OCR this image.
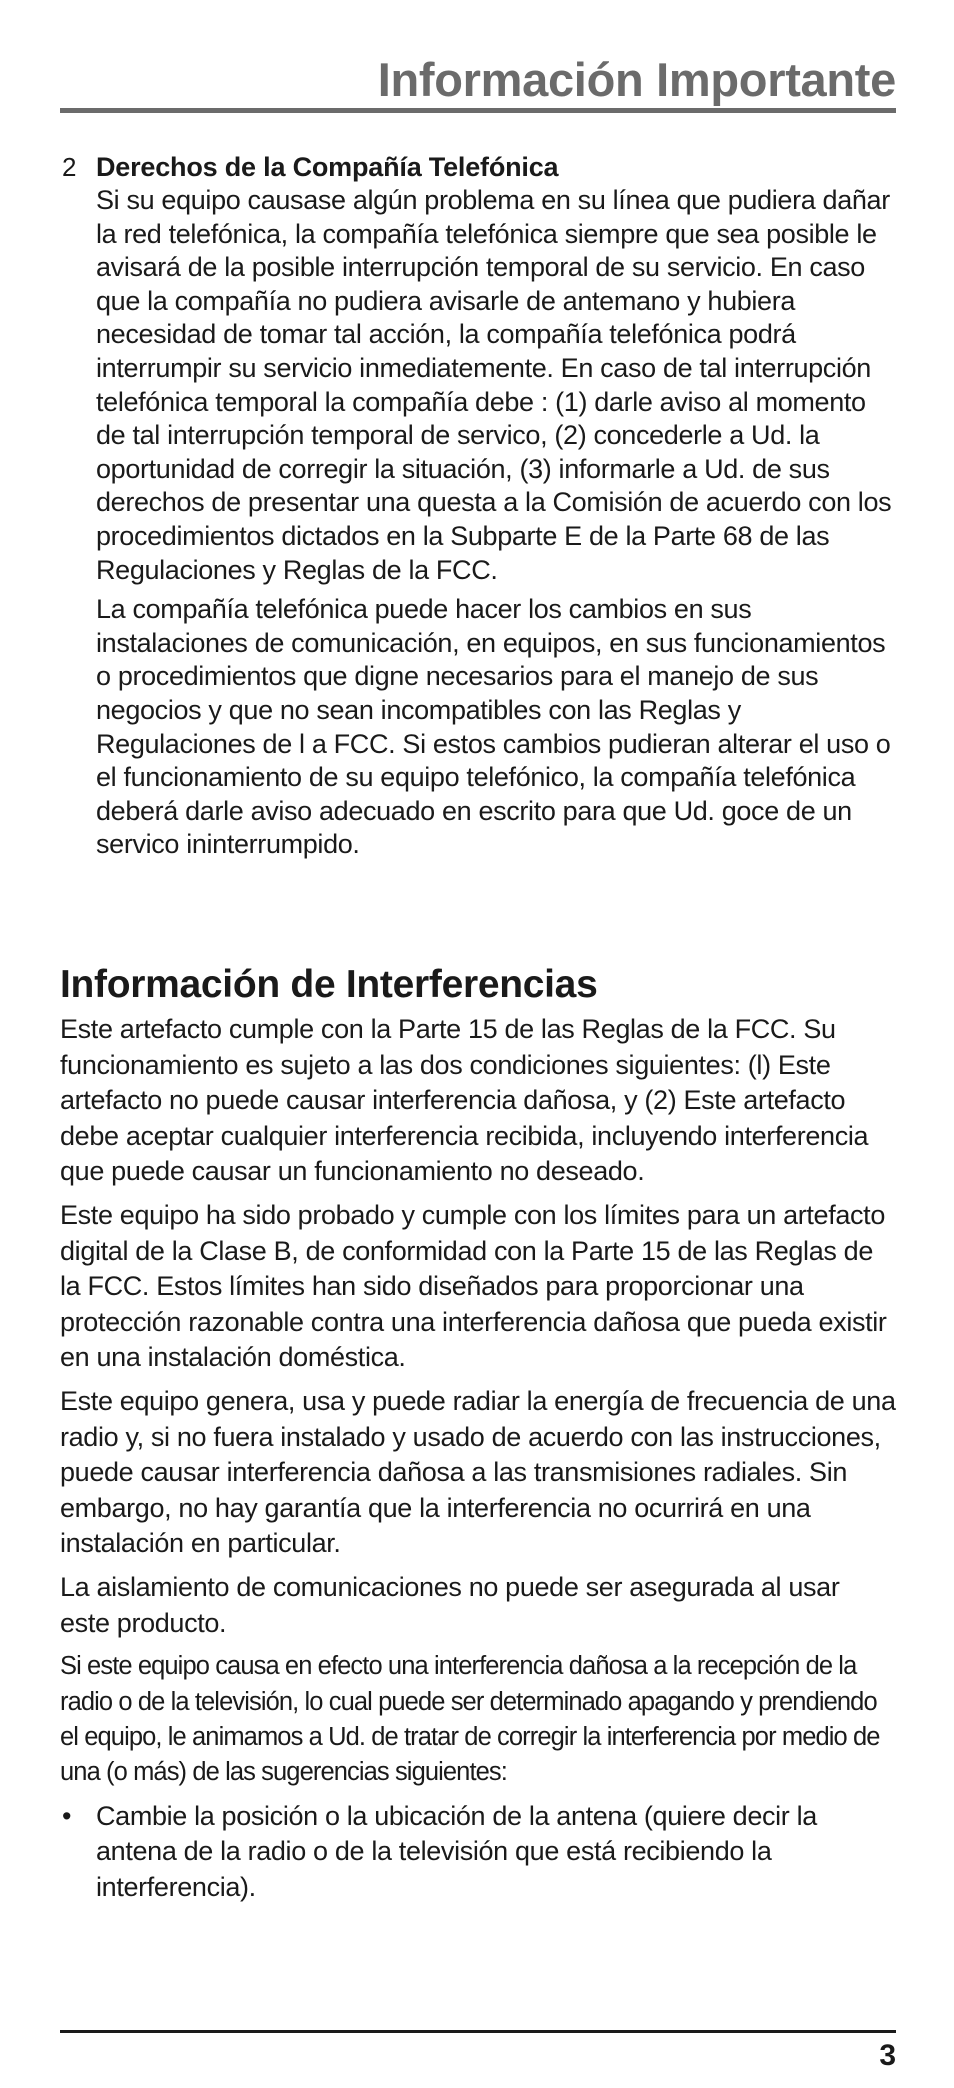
Información Importante
2 Derechos de la Compañía Telefónica

Si su equipo causase algún problema en su línea que pudiera dañar la red telefónica, la compañía telefónica siempre que sea posible le avisará de la posible interrupción temporal de su servicio. En caso que la compañía no pudiera avisarle de antemano y hubiera necesidad de tomar tal acción, la compañía telefónica podrá interrumpir su servicio inmediatemente. En caso de tal interrupción telefónica temporal la compañía debe : (1) darle aviso al momento de tal interrupción temporal de servico, (2) concederle a Ud. la oportunidad de corregir la situación, (3) informarle a Ud. de sus derechos de presentar una questa a la Comisión de acuerdo con los procedimientos dictados en la Subparte E de la Parte 68 de las Regulaciones y Reglas de la FCC.

La compañía telefónica puede hacer los cambios en sus instalaciones de comunicación, en equipos, en sus funcionamientos o procedimientos que digne necesarios para el manejo de sus negocios y que no sean incompatibles con las Reglas y Regulaciones de l a FCC. Si estos cambios pudieran alterar el uso o el funcionamiento de su equipo telefónico, la compañía telefónica deberá darle aviso adecuado en escrito para que Ud. goce de un servico ininterrumpido.

Información de Interferencias

Este artefacto cumple con la Parte 15 de las Reglas de la FCC. Su funcionamiento es sujeto a las dos condiciones siguientes: (l) Este artefacto no puede causar interferencia dañosa, y (2) Este artefacto debe aceptar cualquier interferencia recibida, incluyendo interferencia que puede causar un funcionamiento no deseado.

Este equipo ha sido probado y cumple con los límites para un artefacto digital de la Clase B, de conformidad con la Parte 15 de las Reglas de la FCC. Estos límites han sido diseñados para proporcionar una protección razonable contra una interferencia dañosa que pueda existir en una instalación doméstica.

Este equipo genera, usa y puede radiar la energía de frecuencia de una radio y, si no fuera instalado y usado de acuerdo con las instrucciones, puede causar interferencia dañosa a las transmisiones radiales. Sin embargo, no hay garantía que la interferencia no ocurrirá en una instalación en particular.

La aislamiento de comunicaciones no puede ser asegurada al usar este producto.

Si este equipo causa en efecto una interferencia dañosa a la recepción de la radio o de la televisión, lo cual puede ser determinado apagando y prendiendo el equipo, le animamos a Ud. de tratar de corregir la interferencia por medio de una (o más) de las sugerencias siguientes:

• Cambie la posición o la ubicación de la antena (quiere decir la antena de la radio o de la televisión que está recibiendo la interferencia).
3
